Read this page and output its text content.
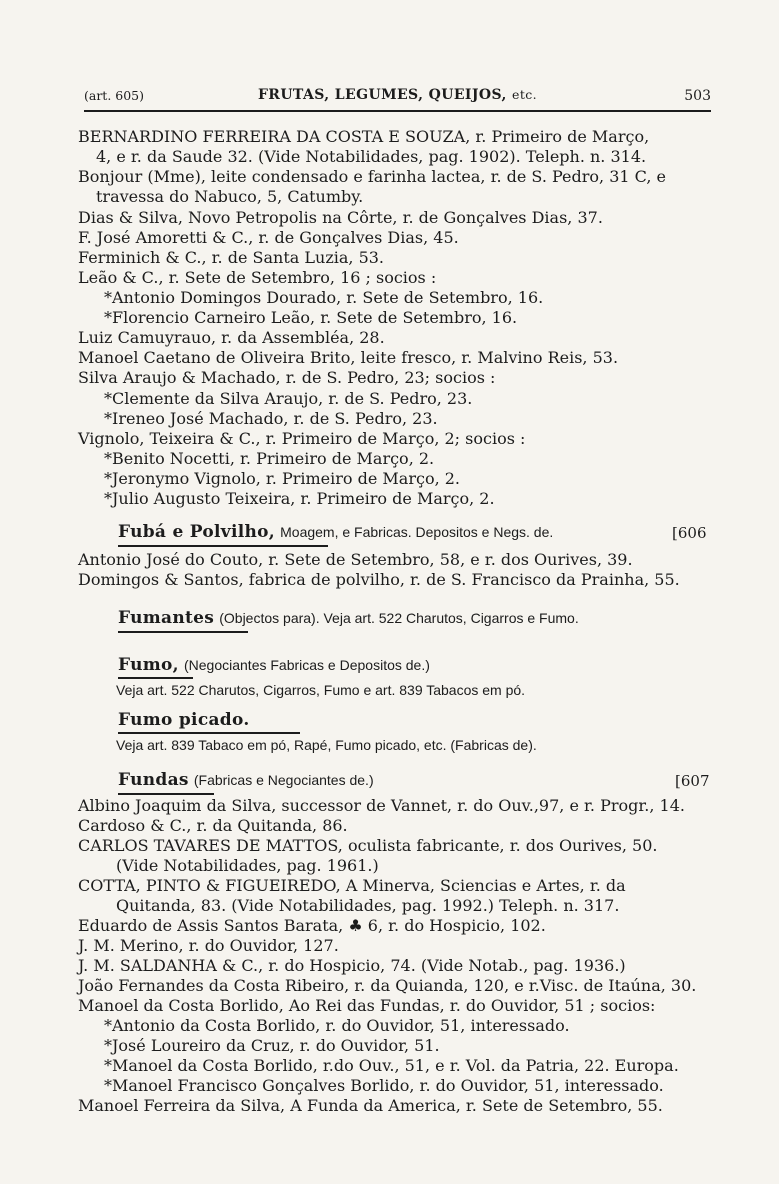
(art. 605)	FRUTAS, LEGUMES, QUEIJOS, etc.	503
BERNARDINO FERREIRA DA COSTA E SOUZA, r. Primeiro de Março,
4, e r. da Saude 32. (Vide Notabilidades, pag. 1902). Teleph. n. 314.
Bonjour (Mme), leite condensado e farinha lactea, r. de S. Pedro, 31 C, e
travessa do Nabuco, 5, Catumby.
Dias & Silva, Novo Petropolis na Côrte, r. de Gonçalves Dias, 37.
F. José Amoretti & C., r. de Gonçalves Dias, 45.
Ferminich & C., r. de Santa Luzia, 53.
Leão & C., r. Sete de Setembro, 16 ; socios :
*Antonio Domingos Dourado, r. Sete de Setembro, 16.
*Florencio Carneiro Leão, r. Sete de Setembro, 16.
Luiz Camuyrauo, r. da Assembléa, 28.
Manoel Caetano de Oliveira Brito, leite fresco, r. Malvino Reis, 53.
Silva Araujo & Machado, r. de S. Pedro, 23; socios :
*Clemente da Silva Araujo, r. de S. Pedro, 23.
*Ireneo José Machado, r. de S. Pedro, 23.
Vignolo, Teixeira & C., r. Primeiro de Março, 2; socios :
*Benito Nocetti, r. Primeiro de Março, 2.
*Jeronymo Vignolo, r. Primeiro de Março, 2.
*Julio Augusto Teixeira, r. Primeiro de Março, 2.
Fubá e Polvilho, Moagem, e Fabricas. Depositos e Negs. de.	[606
Antonio José do Couto, r. Sete de Setembro, 58, e r. dos Ourives, 39.
Domingos & Santos, fabrica de polvilho, r. de S. Francisco da Prainha, 55.
Fumantes (Objectos para). Veja art. 522 Charutos, Cigarros e Fumo.
Fumo, (Negociantes Fabricas e Depositos de.)
Veja art. 522 Charutos, Cigarros, Fumo e art. 839 Tabacos em pó.
Fumo picado.
Veja art. 839 Tabaco em pó, Rapé, Fumo picado, etc. (Fabricas de).
Fundas (Fabricas e Negociantes de.)	[607
Albino Joaquim da Silva, successor de Vannet, r. do Ouv.,97, e r. Progr., 14.
Cardoso & C., r. da Quitanda, 86.
CARLOS TAVARES DE MATTOS, oculista fabricante, r. dos Ourives, 50.
(Vide Notabilidades, pag. 1961.)
COTTA, PINTO & FIGUEIREDO, A Minerva, Sciencias e Artes, r. da
Quitanda, 83. (Vide Notabilidades, pag. 1992.) Teleph. n. 317.
Eduardo de Assis Santos Barata, ♣ 6, r. do Hospicio, 102.
J. M. Merino, r. do Ouvidor, 127.
J. M. SALDANHA & C., r. do Hospicio, 74. (Vide Notab., pag. 1936.)
João Fernandes da Costa Ribeiro, r. da Quianda, 120, e r.Visc. de Itaúna, 30.
Manoel da Costa Borlido, Ao Rei das Fundas, r. do Ouvidor, 51 ; socios:
*Antonio da Costa Borlido, r. do Ouvidor, 51, interessado.
*José Loureiro da Cruz, r. do Ouvidor, 51.
*Manoel da Costa Borlido, r.do Ouv., 51, e r. Vol. da Patria, 22. Europa.
*Manoel Francisco Gonçalves Borlido, r. do Ouvidor, 51, interessado.
Manoel Ferreira da Silva, A Funda da America, r. Sete de Setembro, 55.
